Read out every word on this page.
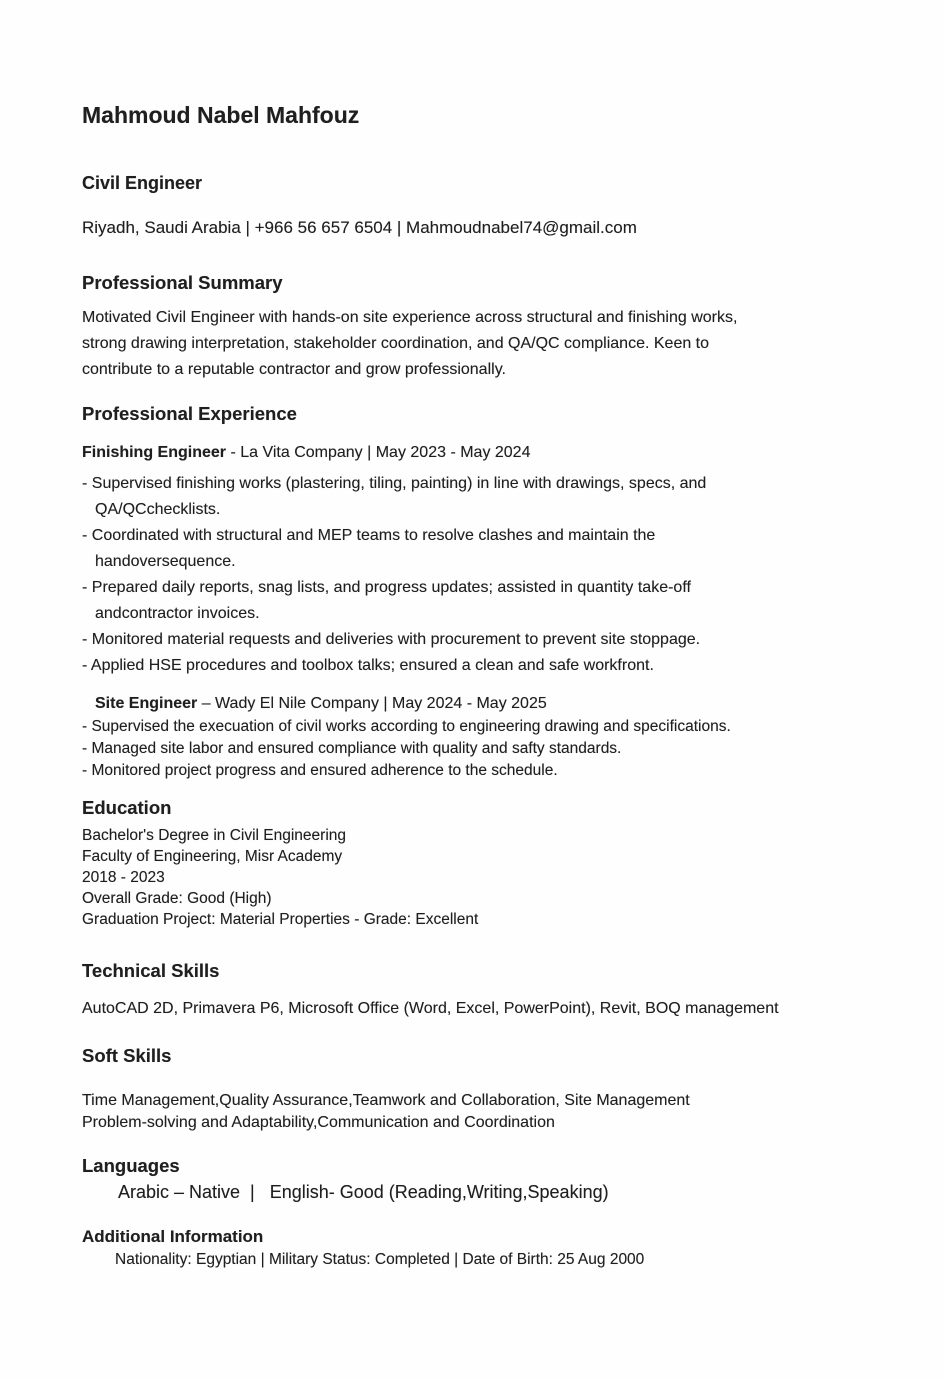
Mahmoud Nabel Mahfouz
Civil Engineer

Riyadh, Saudi Arabia | +966 56 657 6504 | Mahmoudnabel74@gmail.com

Professional Summary
Motivated Civil Engineer with hands-on site experience across structural and finishing works,
strong drawing interpretation, stakeholder coordination, and QA/QC compliance. Keen to
contribute to a reputable contractor and grow professionally.
Professional Experience
Finishing Engineer - La Vita Company | May 2023 - May 2024
- Supervised finishing works (plastering, tiling, painting) in line with drawings, specs, and
QA/QCchecklists.
- Coordinated with structural and MEP teams to resolve clashes and maintain the
handoversequence.
- Prepared daily reports, snag lists, and progress updates; assisted in quantity take-off
andcontractor invoices.
- Monitored material requests and deliveries with procurement to prevent site stoppage.
- Applied HSE procedures and toolbox talks; ensured a clean and safe workfront.
Site Engineer – Wady El Nile Company | May 2024 - May 2025
- Supervised the execuation of civil works according to engineering drawing and specifications.
- Managed site labor and ensured compliance with quality and safty standards.
- Monitored project progress and ensured adherence to the schedule.
Education
Bachelor's Degree in Civil Engineering
Faculty of Engineering, Misr Academy
2018 - 2023
Overall Grade: Good (High)
Graduation Project: Material Properties - Grade: Excellent
Technical Skills

AutoCAD 2D, Primavera P6, Microsoft Office (Word, Excel, PowerPoint), Revit, BOQ management

Soft Skills
Time Management,Quality Assurance,Teamwork and Collaboration, Site Management
Problem-solving and Adaptability,Communication and Coordination
Languages
Arabic – Native  |   English- Good (Reading,Writing,Speaking)
Additional Information
Nationality: Egyptian | Military Status: Completed | Date of Birth: 25 Aug 2000
